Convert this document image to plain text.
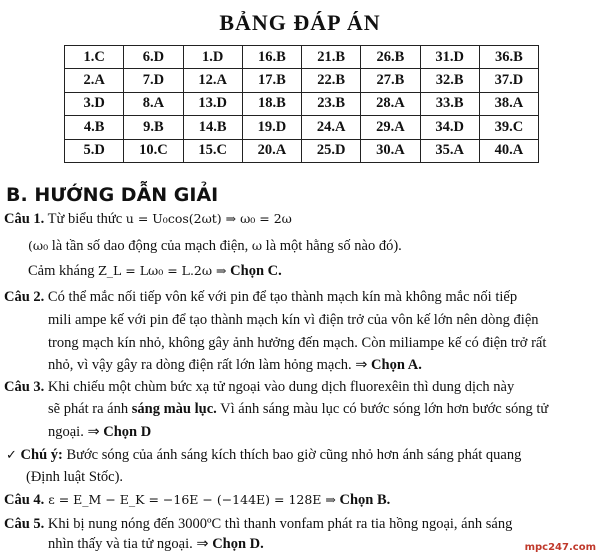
BẢNG ĐÁP ÁN
1.C	6.D	1.D	16.B	21.B	26.B	31.D	36.B
2.A	7.D	12.A	17.B	22.B	27.B	32.B	37.D
3.D	8.A	13.D	18.B	23.B	28.A	33.B	38.A
4.B	9.B	14.B	19.D	24.A	29.A	34.D	39.C
5.D	10.C	15.C	20.A	25.D	30.A	35.A	40.A
B. HƯỚNG DẪN GIẢI
Câu 1. Từ biểu thức u = U₀cos(2ωt) ⇒ ω₀ = 2ω
(ω₀ là tần số dao động của mạch điện, ω là một hằng số nào đó).
Cảm kháng Z_L = Lω₀ = L.2ω ⇒ Chọn C.
Câu 2. Có thể mắc nối tiếp vôn kế với pin để tạo thành mạch kín mà không mắc nối tiếp
mili ampe kế với pin để tạo thành mạch kín vì điện trở của vôn kế lớn nên dòng điện
trong mạch kín nhỏ, không gây ảnh hưởng đến mạch. Còn miliampe kế có điện trở rất
nhỏ, vì vậy gây ra dòng điện rất lớn làm hỏng mạch. ⇒ Chọn A.
Câu 3. Khi chiếu một chùm bức xạ tử ngoại vào dung dịch fluorexêin thì dung dịch này
sẽ phát ra ánh sáng màu lục. Vì ánh sáng màu lục có bước sóng lớn hơn bước sóng tử
ngoại. ⇒ Chọn D
✓ Chú ý: Bước sóng của ánh sáng kích thích bao giờ cũng nhỏ hơn ánh sáng phát quang
(Định luật Stốc).
Câu 4. ε = E_M − E_K = −16E − (−144E) = 128E ⇒ Chọn B.
Câu 5. Khi bị nung nóng đến 3000ºC thì thanh vonfam phát ra tia hồng ngoại, ánh sáng
nhìn thấy và tia tử ngoại. ⇒ Chọn D.	mpc247.com
